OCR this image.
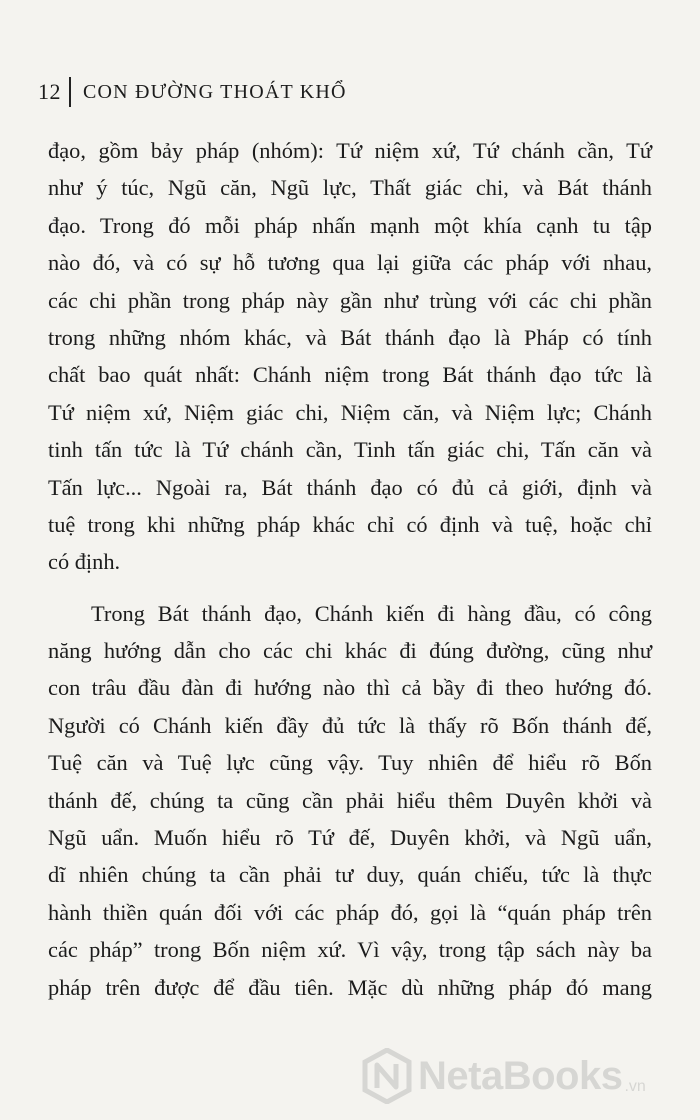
12	CON ĐƯỜNG THOÁT KHỔ
đạo, gồm bảy pháp (nhóm): Tứ niệm xứ, Tứ chánh cần, Tứ
như ý túc, Ngũ căn, Ngũ lực, Thất giác chi, và Bát thánh
đạo. Trong đó mỗi pháp nhấn mạnh một khía cạnh tu tập
nào đó, và có sự hỗ tương qua lại giữa các pháp với nhau,
các chi phần trong pháp này gần như trùng với các chi phần
trong những nhóm khác, và Bát thánh đạo là Pháp có tính
chất bao quát nhất: Chánh niệm trong Bát thánh đạo tức là
Tứ niệm xứ, Niệm giác chi, Niệm căn, và Niệm lực; Chánh
tinh tấn tức là Tứ chánh cần, Tinh tấn giác chi, Tấn căn và
Tấn lực... Ngoài ra, Bát thánh đạo có đủ cả giới, định và
tuệ trong khi những pháp khác chỉ có định và tuệ, hoặc chỉ
có định.
Trong Bát thánh đạo, Chánh kiến đi hàng đầu, có công
năng hướng dẫn cho các chi khác đi đúng đường, cũng như
con trâu đầu đàn đi hướng nào thì cả bầy đi theo hướng đó.
Người có Chánh kiến đầy đủ tức là thấy rõ Bốn thánh đế,
Tuệ căn và Tuệ lực cũng vậy. Tuy nhiên để hiểu rõ Bốn
thánh đế, chúng ta cũng cần phải hiểu thêm Duyên khởi và
Ngũ uẩn. Muốn hiểu rõ Tứ đế, Duyên khởi, và Ngũ uẩn,
dĩ nhiên chúng ta cần phải tư duy, quán chiếu, tức là thực
hành thiền quán đối với các pháp đó, gọi là “quán pháp trên
các pháp” trong Bốn niệm xứ. Vì vậy, trong tập sách này ba
pháp trên được để đầu tiên. Mặc dù những pháp đó mang
NetaBooks .vn
